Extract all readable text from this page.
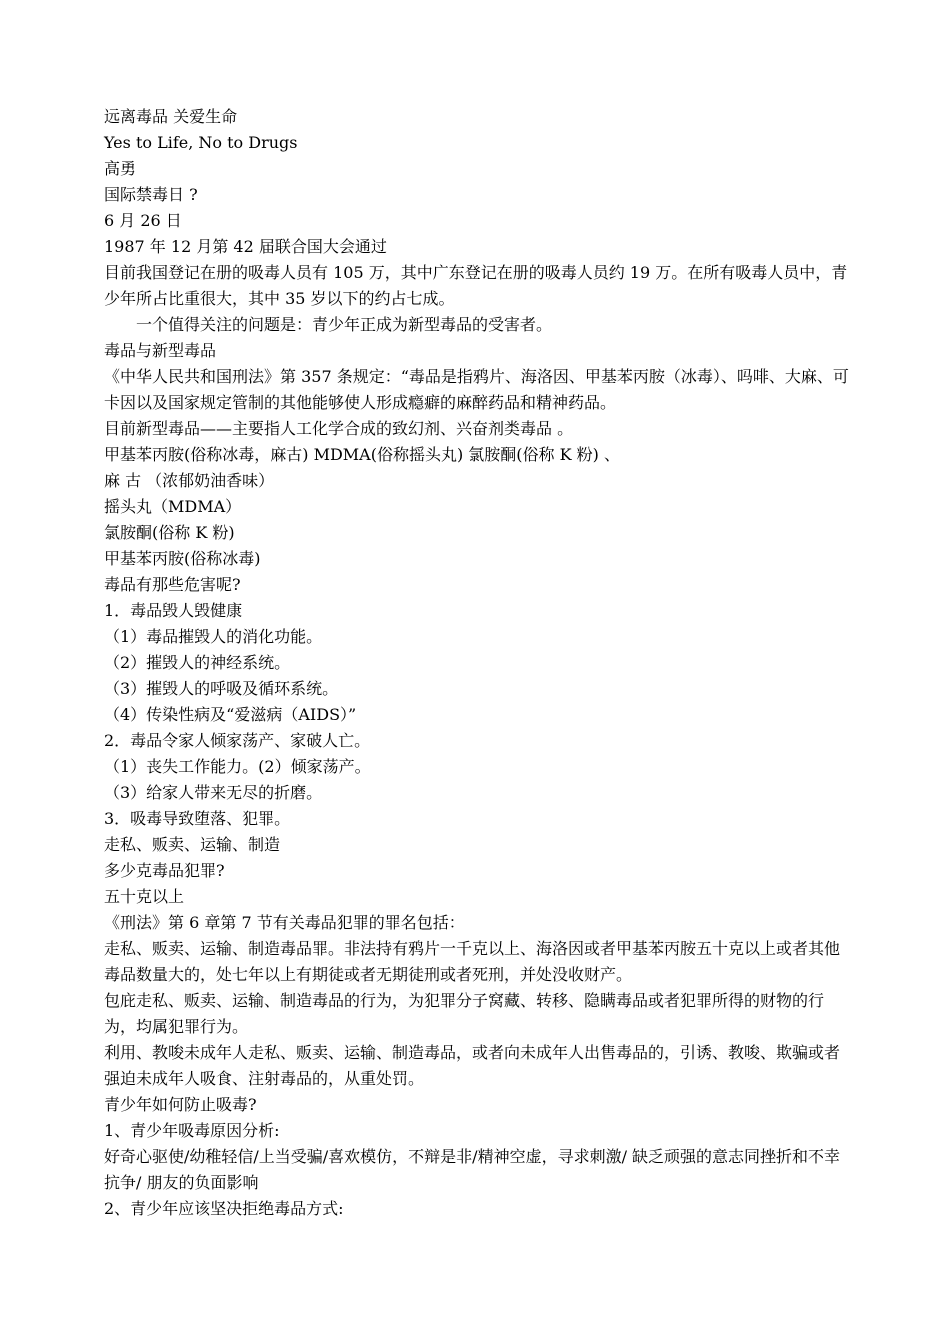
远离毒品 关爱生命

Yes to Life, No to Drugs

高勇

国际禁毒日 ?

6 月 26 日

1987 年 12 月第 42 届联合国大会通过

目前我国登记在册的吸毒人员有 105 万，其中广东登记在册的吸毒人员约 19 万。在所有吸毒人员中，青少年所占比重很大，其中 35 岁以下的约占七成。

一个值得关注的问题是：青少年正成为新型毒品的受害者。

毒品与新型毒品

《中华人民共和国刑法》第 357 条规定：“毒品是指鸦片、海洛因、甲基苯丙胺（冰毒）、吗啡、大麻、可卡因以及国家规定管制的其他能够使人形成瘾癖的麻醉药品和精神药品。

目前新型毒品——主要指人工化学合成的致幻剂、兴奋剂类毒品 。

甲基苯丙胺(俗称冰毒，麻古) MDMA(俗称摇头丸) 氯胺酮(俗称 K 粉) 、

麻 古 （浓郁奶油香味）

摇头丸（MDMA）

氯胺酮(俗称 K 粉)

甲基苯丙胺(俗称冰毒)

毒品有那些危害呢?

1．毒品毁人毁健康

（1）毒品摧毁人的消化功能。

（2）摧毁人的神经系统。

（3）摧毁人的呼吸及循环系统。

（4）传染性病及“爱滋病（AIDS）”

2．毒品令家人倾家荡产、家破人亡。

（1）丧失工作能力。(2）倾家荡产。

（3）给家人带来无尽的折磨。

3．吸毒导致堕落、犯罪。

走私、贩卖、运输、制造

多少克毒品犯罪?

五十克以上

《刑法》第 6 章第 7 节有关毒品犯罪的罪名包括：

走私、贩卖、运输、制造毒品罪。非法持有鸦片一千克以上、海洛因或者甲基苯丙胺五十克以上或者其他毒品数量大的，处七年以上有期徒或者无期徒刑或者死刑，并处没收财产。

包庇走私、贩卖、运输、制造毒品的行为，为犯罪分子窝藏、转移、隐瞒毒品或者犯罪所得的财物的行为，均属犯罪行为。

利用、教唆未成年人走私、贩卖、运输、制造毒品，或者向未成年人出售毒品的，引诱、教唆、欺骗或者强迫未成年人吸食、注射毒品的，从重处罚。

青少年如何防止吸毒?

1、青少年吸毒原因分析:

好奇心驱使/幼稚轻信/上当受骗/喜欢模仿，不辩是非/精神空虚，寻求刺激/ 缺乏顽强的意志同挫折和不幸抗争/ 朋友的负面影响

2、青少年应该坚决拒绝毒品方式:
